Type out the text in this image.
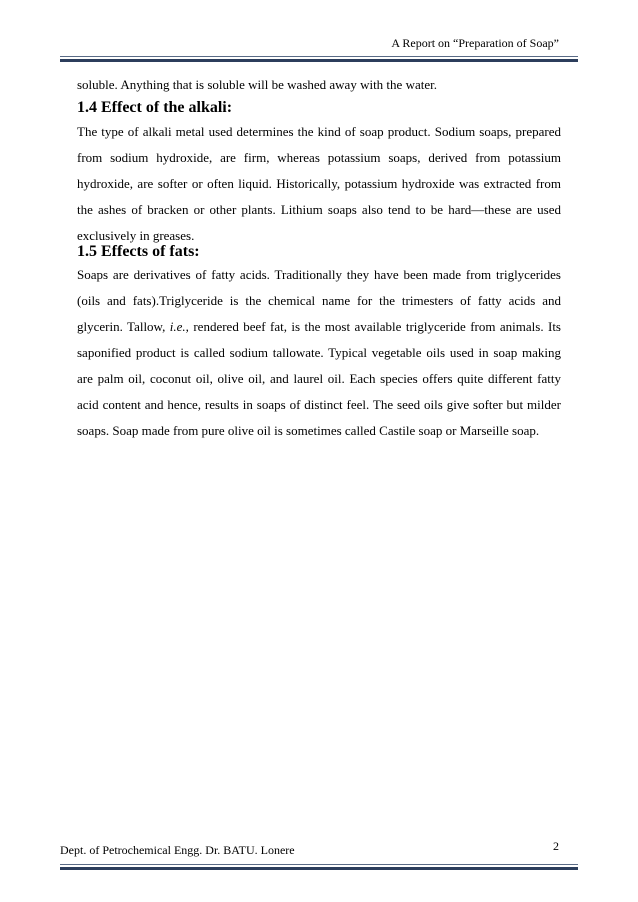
A Report on “Preparation of Soap”
soluble. Anything that is soluble will be washed away with the water.
1.4 Effect of the alkali:
The type of alkali metal used determines the kind of soap product. Sodium soaps, prepared from sodium hydroxide, are firm, whereas potassium soaps, derived from potassium hydroxide, are softer or often liquid. Historically, potassium hydroxide was extracted from the ashes of bracken or other plants. Lithium soaps also tend to be hard—these are used exclusively in greases.
1.5 Effects of fats:
Soaps are derivatives of fatty acids. Traditionally they have been made from triglycerides (oils and fats).Triglyceride is the chemical name for the trimesters of fatty acids and glycerin. Tallow, i.e., rendered beef fat, is the most available triglyceride from animals. Its saponified product is called sodium tallowate. Typical vegetable oils used in soap making are palm oil, coconut oil, olive oil, and laurel oil. Each species offers quite different fatty acid content and hence, results in soaps of distinct feel. The seed oils give softer but milder soaps. Soap made from pure olive oil is sometimes called Castile soap or Marseille soap.
Dept. of Petrochemical Engg. Dr. BATU. Lonere	2
